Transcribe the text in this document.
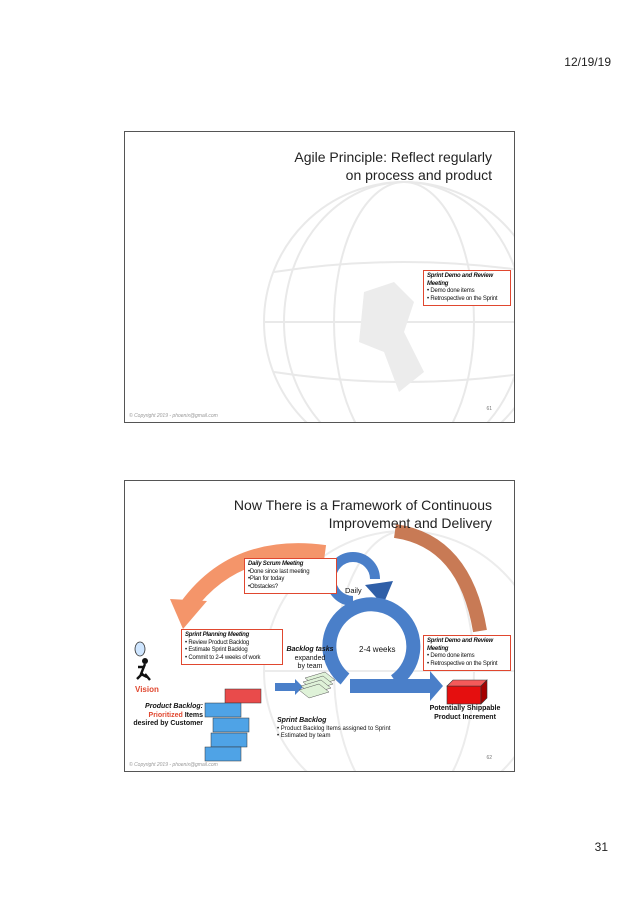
12/19/19
Agile Principle: Reflect regularly
on process and product
Sprint Demo and Review Meeting
• Demo done items
• Retrospective on the Sprint
61
© Copyright 2019 - phoenix@gmail.com
Now There is a Framework of Continuous
Improvement and Delivery
Daily Scrum Meeting
•Done since last meeting
•Plan for today
•Obstacles?
Sprint Planning Meeting
• Review Product Backlog
• Estimate Sprint Backlog
• Commit to 2-4 weeks of work
Sprint Demo and Review Meeting
• Demo done items
• Retrospective on the Sprint
Daily
2-4 weeks
Backlog tasks
expanded
by team
Vision
Product Backlog:
Prioritized Items
desired by Customer	Sprint Backlog
• Product Backlog Items assigned to Sprint
• Estimated by team
Potentially Shippable
Product Increment
62
© Copyright 2019 - phoenix@gmail.com
31
